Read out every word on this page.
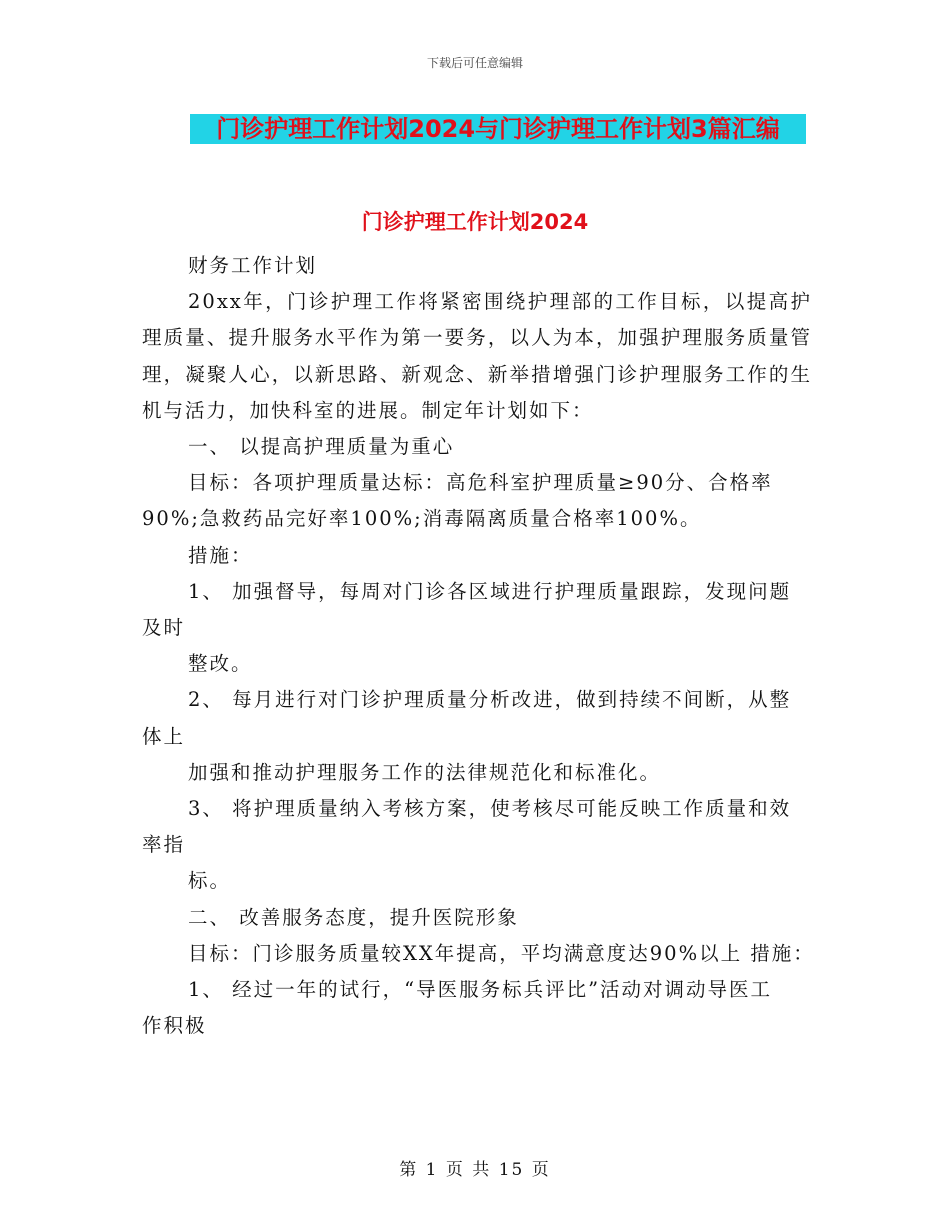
下载后可任意编辑
门诊护理工作计划2024与门诊护理工作计划3篇汇编
门诊护理工作计划2024

财务工作计划

20xx年，门诊护理工作将紧密围绕护理部的工作目标，以提高护理质量、提升服务水平作为第一要务，以人为本，加强护理服务质量管理，凝聚人心，以新思路、新观念、新举措增强门诊护理服务工作的生机与活力，加快科室的进展。制定年计划如下：

一、 以提高护理质量为重心

目标：各项护理质量达标：高危科室护理质量≥90分、合格率

90%;急救药品完好率100%;消毒隔离质量合格率100%。

措施：

1、 加强督导，每周对门诊各区域进行护理质量跟踪，发现问题

及时

整改。

2、 每月进行对门诊护理质量分析改进，做到持续不间断，从整

体上

加强和推动护理服务工作的法律规范化和标准化。

3、 将护理质量纳入考核方案，使考核尽可能反映工作质量和效

率指

标。

二、 改善服务态度，提升医院形象

目标：门诊服务质量较XX年提高，平均满意度达90%以上 措施：

1、 经过一年的试行，“导医服务标兵评比”活动对调动导医工

作积极

第 1 页 共 15 页
